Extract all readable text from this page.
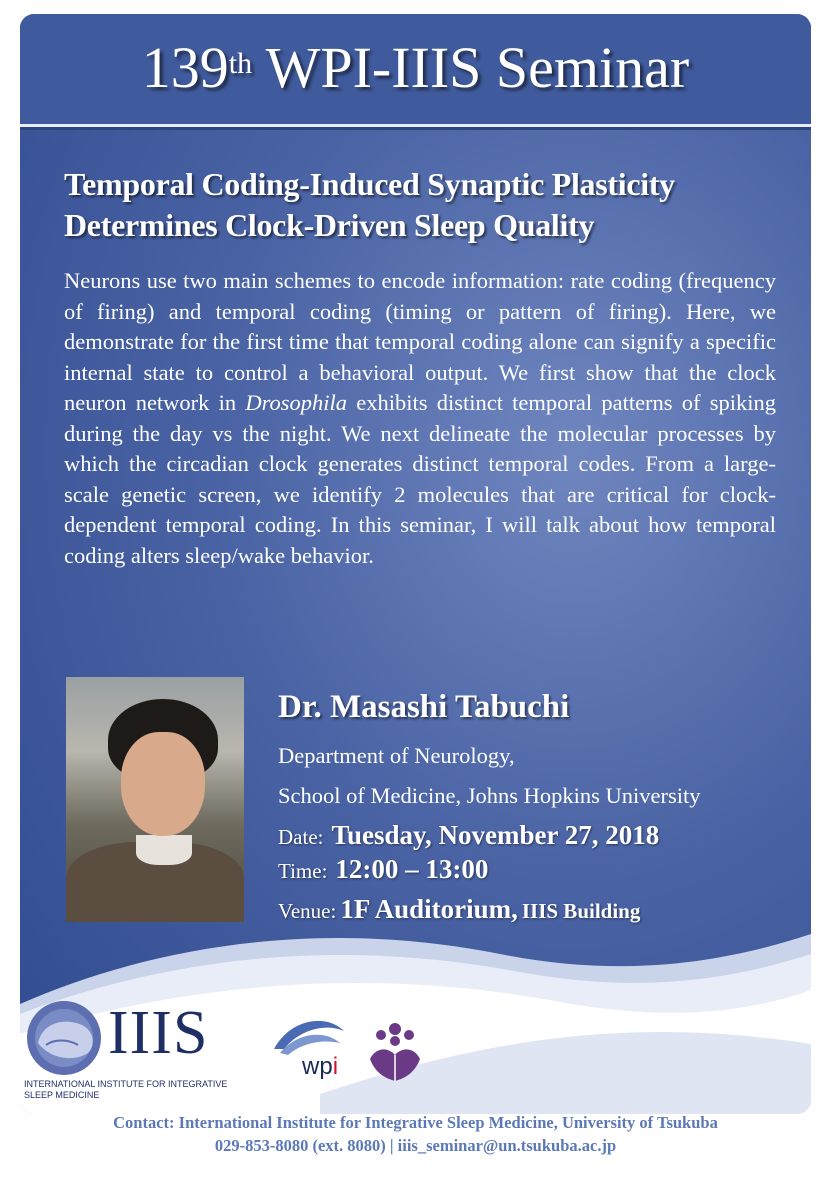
139th WPI-IIIS Seminar
Temporal Coding-Induced Synaptic Plasticity
Determines Clock-Driven Sleep Quality
Neurons use two main schemes to encode information: rate coding (frequency of firing) and temporal coding (timing or pattern of firing). Here, we demonstrate for the first time that temporal coding alone can signify a specific internal state to control a behavioral output. We first show that the clock neuron network in Drosophila exhibits distinct temporal patterns of spiking during the day vs the night. We next delineate the molecular processes by which the circadian clock generates distinct temporal codes. From a large-scale genetic screen, we identify 2 molecules that are critical for clock-dependent temporal coding. In this seminar, I will talk about how temporal coding alters sleep/wake behavior.
Dr. Masashi Tabuchi
Department of Neurology,
School of Medicine, Johns Hopkins University
Date: Tuesday, November 27, 2018
Time: 12:00 – 13:00
Venue: 1F Auditorium, IIIS Building
IIIS
INTERNATIONAL INSTITUTE FOR INTEGRATIVE
SLEEP MEDICINE
wpi
Contact: International Institute for Integrative Sleep Medicine, University of Tsukuba
029-853-8080 (ext. 8080) | iiis_seminar@un.tsukuba.ac.jp
